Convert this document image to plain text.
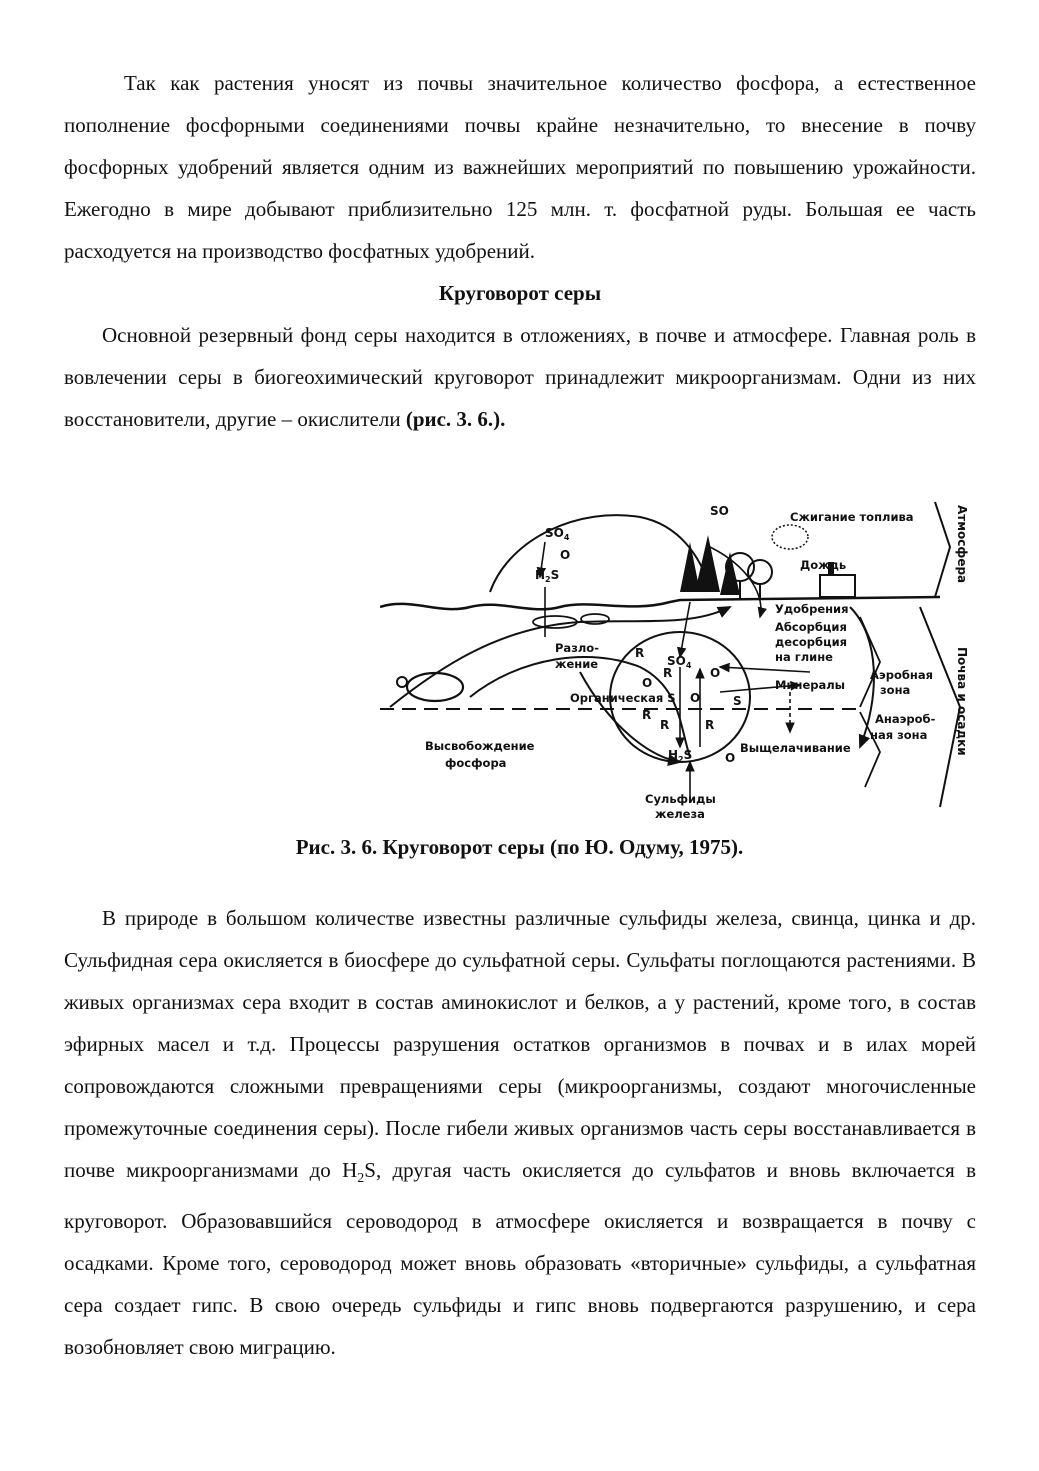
Так как растения уносят из почвы значительное количество фосфора, а естественное пополнение фосфорными соединениями почвы крайне незначительно, то внесение в почву фосфорных удобрений является одним из важнейших мероприятий по повышению урожайности. Ежегодно в мире добывают приблизительно 125 млн. т. фосфатной руды. Большая ее часть расходуется на производство фосфатных удобрений.

Круговорот серы

Основной резервный фонд серы находится в отложениях, в почве и атмосфере. Главная роль в вовлечении серы в биогеохимический круговорот принадлежит микроорганизмам. Одни из них восстановители, другие – окислители (рис. 3. 6.).

$SO_4$
O
$H_2S$
SO	Сжигание топлива
Дождь
Удобрения
Абсорбция
десорбция
на глине
Разло-
жение
Органическая S
$SO_4$
Минералы
Аэробная
зона
Анаэроб-
ная зона
Выщелачивание
Высвобождение
фосфора
$H_2S$
Сульфиды
железа
R
R
R
R
R
O
O
O
O
S
Атмосфера
Почва и осадки
Рис. 3. 6. Круговорот серы (по Ю. Одуму, 1975).

В природе в большом количестве известны различные сульфиды железа, свинца, цинка и др. Сульфидная сера окисляется в биосфере до сульфатной серы. Сульфаты поглощаются растениями. В живых организмах сера входит в состав аминокислот и белков, а у растений, кроме того, в состав эфирных масел и т.д. Процессы разрушения остатков организмов в почвах и в илах морей сопровождаются сложными превращениями серы (микроорганизмы, создают многочисленные промежуточные соединения серы). После гибели живых организмов часть серы восстанавливается в почве микроорганизмами до $H_2S$, другая часть окисляется до сульфатов и вновь включается в круговорот. Образовавшийся сероводород в атмосфере окисляется и возвращается в почву с осадками. Кроме того, сероводород может вновь образовать «вторичные» сульфиды, а сульфатная сера создает гипс. В свою очередь сульфиды и гипс вновь подвергаются разрушению, и сера возобновляет свою миграцию.
